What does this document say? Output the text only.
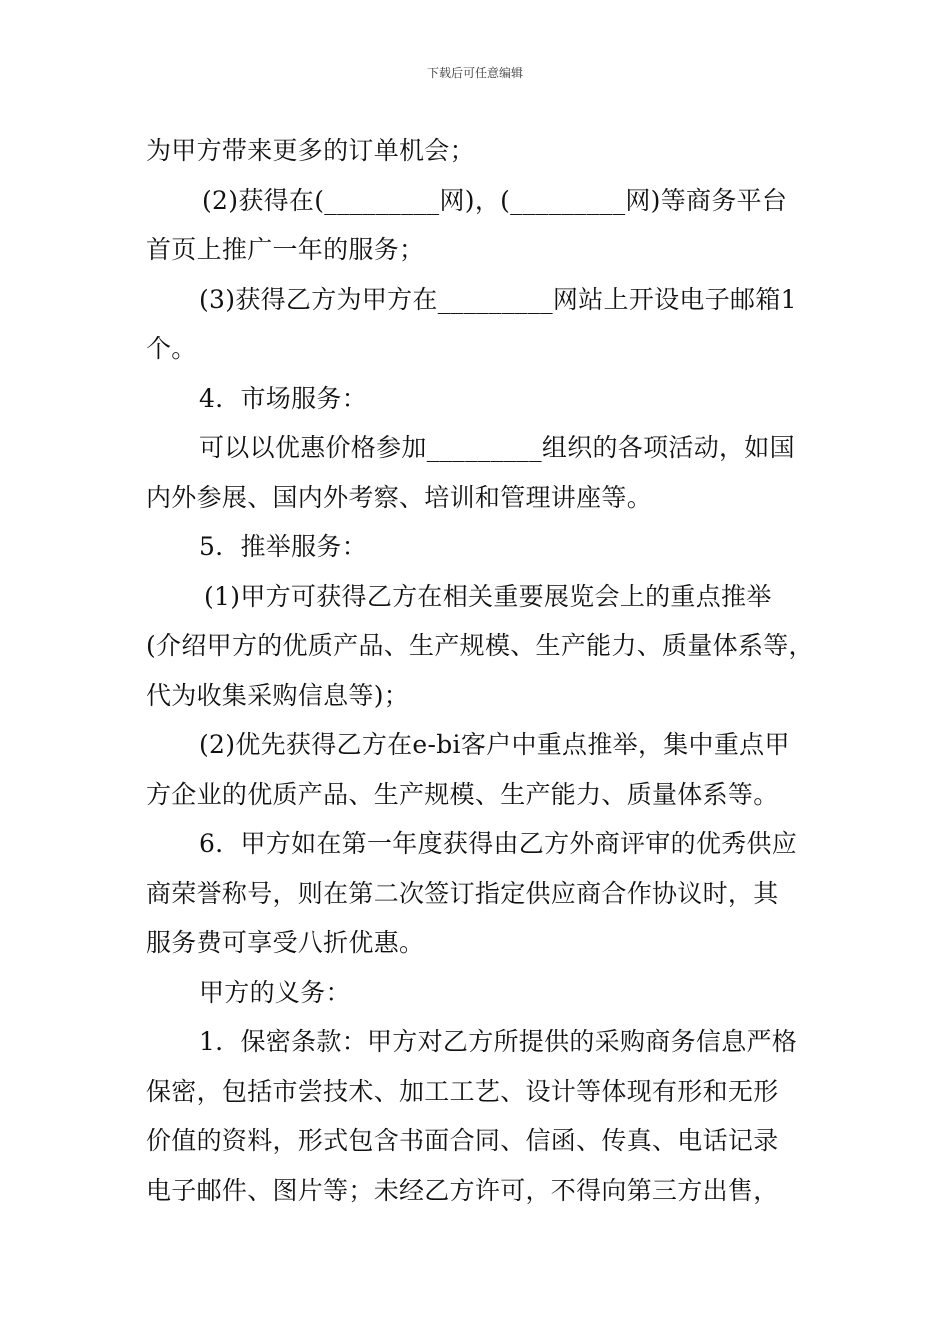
下载后可任意编辑
为甲方带来更多的订单机会；
(2)获得在(_________网)，(_________网)等商务平台
首页上推广一年的服务；
(3)获得乙方为甲方在_________网站上开设电子邮箱1
个。
4．市场服务：
可以以优惠价格参加_________组织的各项活动，如国
内外参展、国内外考察、培训和管理讲座等。
5．推举服务：
(1)甲方可获得乙方在相关重要展览会上的重点推举
(介绍甲方的优质产品、生产规模、生产能力、质量体系等，
代为收集采购信息等)；
(2)优先获得乙方在e-bi客户中重点推举，集中重点甲
方企业的优质产品、生产规模、生产能力、质量体系等。
6．甲方如在第一年度获得由乙方外商评审的优秀供应
商荣誉称号，则在第二次签订指定供应商合作协议时，其
服务费可享受八折优惠。
甲方的义务：
1．保密条款：甲方对乙方所提供的采购商务信息严格
保密，包括市尝技术、加工工艺、设计等体现有形和无形
价值的资料，形式包含书面合同、信函、传真、电话记录
电子邮件、图片等；未经乙方许可，不得向第三方出售，
